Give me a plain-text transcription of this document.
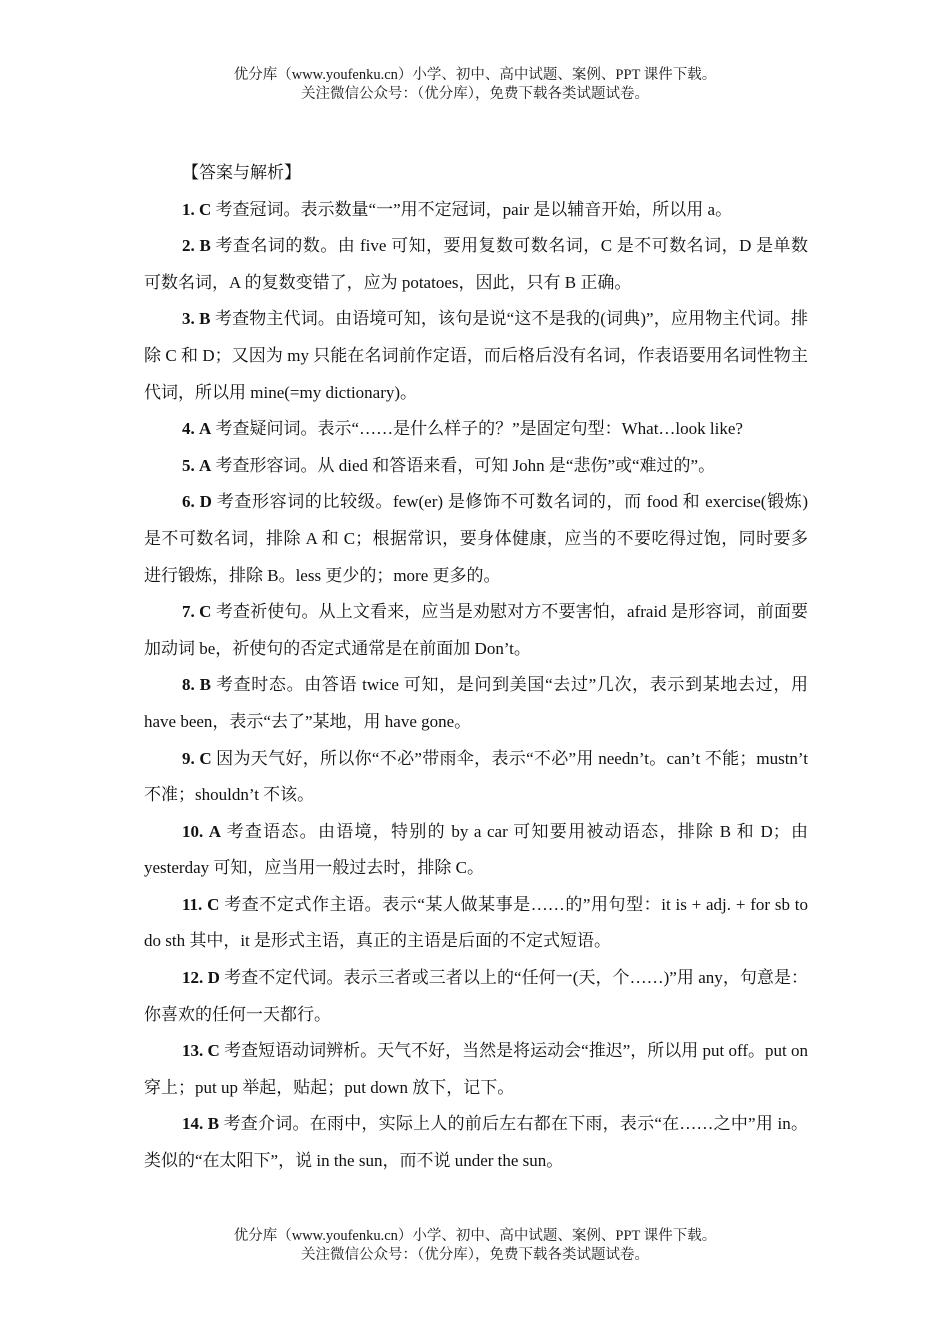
优分库（www.youfenku.cn）小学、初中、高中试题、案例、PPT 课件下载。
关注微信公众号：（优分库），免费下载各类试题试卷。

【答案与解析】

1. C 考查冠词。表示数量“一”用不定冠词，pair 是以辅音开始，所以用 a。

2. B 考查名词的数。由 five 可知，要用复数可数名词，C 是不可数名词，D 是单数可数名词，A 的复数变错了，应为 potatoes，因此，只有 B 正确。

3. B 考查物主代词。由语境可知，该句是说“这不是我的(词典)”，应用物主代词。排除 C 和 D；又因为 my 只能在名词前作定语，而后格后没有名词，作表语要用名词性物主代词，所以用 mine(=my dictionary)。

4. A 考查疑问词。表示“……是什么样子的？”是固定句型：What…look like?

5. A 考查形容词。从 died 和答语来看，可知 John 是“悲伤”或“难过的”。

6. D 考查形容词的比较级。few(er) 是修饰不可数名词的，而 food 和 exercise(锻炼) 是不可数名词，排除 A 和 C；根据常识，要身体健康，应当的不要吃得过饱，同时要多进行锻炼，排除 B。less 更少的；more 更多的。

7. C 考查祈使句。从上文看来，应当是劝慰对方不要害怕，afraid 是形容词，前面要加动词 be，祈使句的否定式通常是在前面加 Don’t。

8. B 考查时态。由答语 twice 可知，是问到美国“去过”几次，表示到某地去过，用 have been，表示“去了”某地，用 have gone。

9. C 因为天气好，所以你“不必”带雨伞，表示“不必”用 needn’t。can’t 不能；mustn’t 不准；shouldn’t 不该。

10. A 考查语态。由语境，特别的 by a car 可知要用被动语态，排除 B 和 D；由 yesterday 可知，应当用一般过去时，排除 C。

11. C 考查不定式作主语。表示“某人做某事是……的”用句型：it is + adj. + for sb to do sth 其中，it 是形式主语，真正的主语是后面的不定式短语。

12. D 考查不定代词。表示三者或三者以上的“任何一(天，个……)”用 any，句意是：你喜欢的任何一天都行。

13. C 考查短语动词辨析。天气不好，当然是将运动会“推迟”，所以用 put off。put on 穿上；put up 举起，贴起；put down 放下，记下。

14. B 考查介词。在雨中，实际上人的前后左右都在下雨，表示“在……之中”用 in。类似的“在太阳下”，说 in the sun，而不说 under the sun。

优分库（www.youfenku.cn）小学、初中、高中试题、案例、PPT 课件下载。
关注微信公众号：（优分库），免费下载各类试题试卷。
